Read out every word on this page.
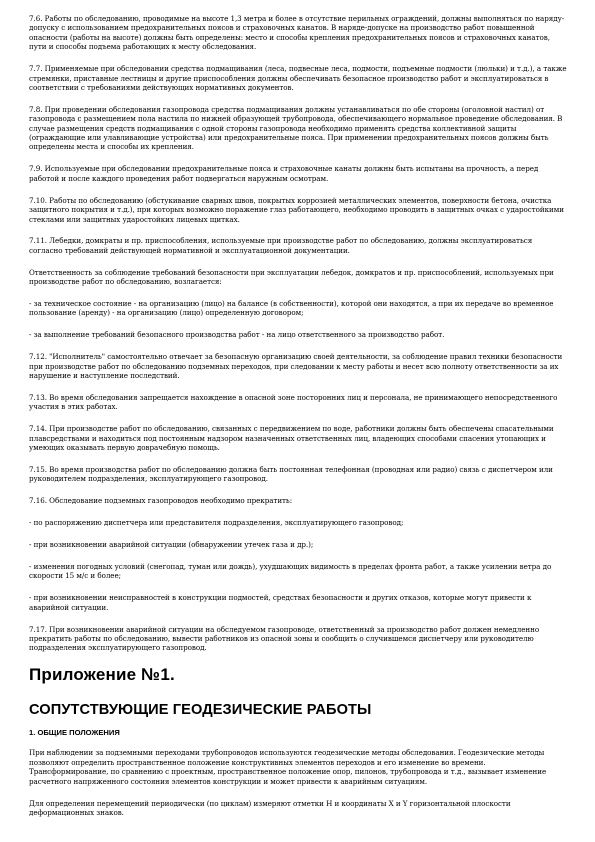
7.6. Работы по обследованию, проводимые на высоте 1,3 метра и более в отсутствие перильных ограждений, должны выполняться по наряду-допуску с использованием предохранительных поясов и страховочных канатов. В наряде-допуске на производство работ повышенной опасности (работы на высоте) должны быть определены: место и способы крепления предохранительных поясов и страховочных канатов, пути и способы подъема работающих к месту обследования.

7.7. Применяемые при обследовании средства подмащивания (леса, подвесные леса, подмости, подъемные подмости (люльки) и т.д.), а также стремянки, приставные лестницы и другие приспособления должны обеспечивать безопасное производство работ и эксплуатироваться в соответствии с требованиями действующих нормативных документов.

7.8. При проведении обследования газопровода средства подмащивания должны устанавливаться по обе стороны (оголовной настил) от газопровода с размещением пола настила по нижней образующей трубопровода, обеспечивающего нормальное проведение обследования. В случае размещения средств подмащивания с одной стороны газопровода необходимо применять средства коллективной защиты (ограждающие или улавливающие устройства) или предохранительные пояса. При применении предохранительных поясов должны быть определены места и способы их крепления.

7.9. Используемые при обследовании предохранительные пояса и страховочные канаты должны быть испытаны на прочность, а перед работой и после каждого проведения работ подвергаться наружным осмотрам.

7.10. Работы по обследованию (обстукивание сварных швов, покрытых коррозией металлических элементов, поверхности бетона, очистка защитного покрытия и т.д.), при которых возможно поражение глаз работающего, необходимо проводить в защитных очках с ударостойкими стеклами или защитных ударостойких лицевых щитках.

7.11. Лебедки, домкраты и пр. приспособления, используемые при производстве работ по обследованию, должны эксплуатироваться согласно требований действующей нормативной и эксплуатационной документации.

Ответственность за соблюдение требований безопасности при эксплуатации лебедок, домкратов и пр. приспособлений, используемых при производстве работ по обследованию, возлагается:

- за техническое состояние - на организацию (лицо) на балансе (в собственности), которой они находятся, а при их передаче во временное пользование (аренду) - на организацию (лицо) определенную договором;

- за выполнение требований безопасного производства работ - на лицо ответственного за производство работ.

7.12. "Исполнитель" самостоятельно отвечает за безопасную организацию своей деятельности, за соблюдение правил техники безопасности при производстве работ по обследованию подземных переходов, при следовании к месту работы и несет всю полноту ответственности за их нарушение и наступление последствий.

7.13. Во время обследования запрещается нахождение в опасной зоне посторонних лиц и персонала, не принимающего непосредственного участия в этих работах.

7.14. При производстве работ по обследованию, связанных с передвижением по воде, работники должны быть обеспечены спасательными плавсредствами и находиться под постоянным надзором назначенных ответственных лиц, владеющих способами спасения утопающих и умеющих оказывать первую доврачебную помощь.

7.15. Во время производства работ по обследованию должна быть постоянная телефонная (проводная или радио) связь с диспетчером или руководителем подразделения, эксплуатирующего газопровод.

7.16. Обследование подземных газопроводов необходимо прекратить:

- по распоряжению диспетчера или представителя подразделения, эксплуатирующего газопровод;

- при возникновении аварийной ситуации (обнаружении утечек газа и др.);

- изменения погодных условий (снегопад, туман или дождь), ухудшающих видимость в пределах фронта работ, а также усилении ветра до скорости 15 м/с и более;

- при возникновении неисправностей в конструкции подмостей, средствах безопасности и других отказов, которые могут привести к аварийной ситуации.

7.17. При возникновении аварийной ситуации на обследуемом газопроводе, ответственный за производство работ должен немедленно прекратить работы по обследованию, вывести работников из опасной зоны и сообщить о случившемся диспетчеру или руководителю подразделения эксплуатирующего газопровод.

Приложение №1.
СОПУТСТВУЮЩИЕ ГЕОДЕЗИЧЕСКИЕ РАБОТЫ
1. ОБЩИЕ ПОЛОЖЕНИЯ

При наблюдении за подземными переходами трубопроводов используются геодезические методы обследования. Геодезические методы позволяют определить пространственное положение конструктивных элементов переходов и его изменение во времени. Трансформирование, по сравнению с проектным, пространственное положение опор, пилонов, трубопровода и т.д., вызывает изменение расчетного напряженного состояния элементов конструкции и может привести к аварийным ситуациям.

Для определения перемещений периодически (по циклам) измеряют отметки H и координаты X и Y горизонтальной плоскости деформационных знаков.
